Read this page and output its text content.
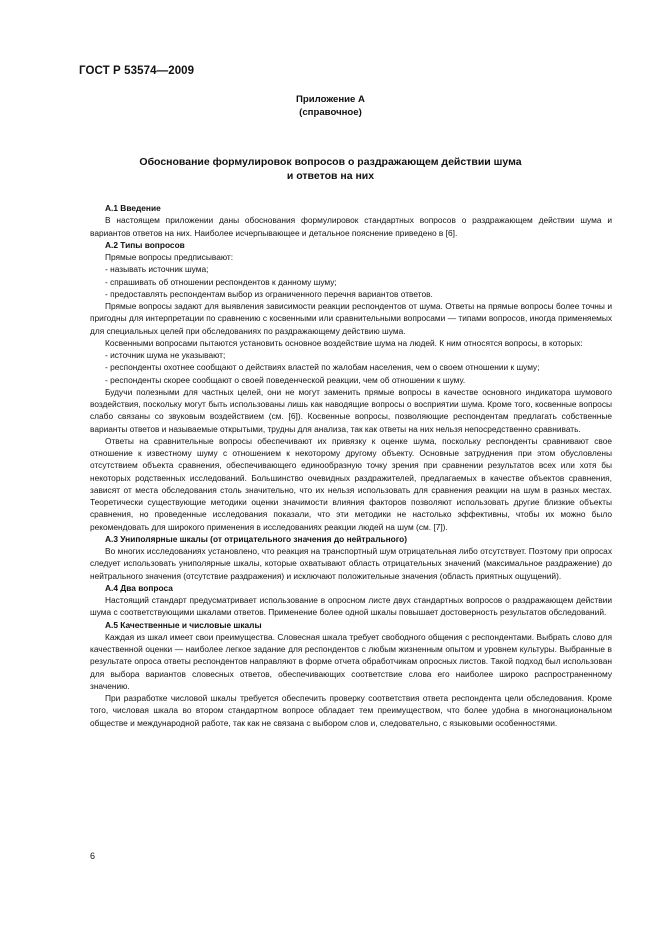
ГОСТ Р 53574—2009
Приложение А
(справочное)
Обоснование формулировок вопросов о раздражающем действии шума
и ответов на них

А.1 Введение

В настоящем приложении даны обоснования формулировок стандартных вопросов о раздражающем действии шума и вариантов ответов на них. Наиболее исчерпывающее и детальное пояснение приведено в [6].

А.2 Типы вопросов

Прямые вопросы предписывают:

- называть источник шума;

- спрашивать об отношении респондентов к данному шуму;

- предоставлять респондентам выбор из ограниченного перечня вариантов ответов.

Прямые вопросы задают для выявления зависимости реакции респондентов от шума. Ответы на прямые вопросы более точны и пригодны для интерпретации по сравнению с косвенными или сравнительными вопросами — типами вопросов, иногда применяемых для специальных целей при обследованиях по раздражающему действию шума.

Косвенными вопросами пытаются установить основное воздействие шума на людей. К ним относятся вопросы, в которых:

- источник шума не указывают;

- респонденты охотнее сообщают о действиях властей по жалобам населения, чем о своем отношении к шуму;

- респонденты скорее сообщают о своей поведенческой реакции, чем об отношении к шуму.

Будучи полезными для частных целей, они не могут заменить прямые вопросы в качестве основного индикатора шумового воздействия, поскольку могут быть использованы лишь как наводящие вопросы о восприятии шума. Кроме того, косвенные вопросы слабо связаны со звуковым воздействием (см. [6]). Косвенные вопросы, позволяющие респондентам предлагать собственные варианты ответов и называемые открытыми, трудны для анализа, так как ответы на них нельзя непосредственно сравнивать.

Ответы на сравнительные вопросы обеспечивают их привязку к оценке шума, поскольку респонденты сравнивают свое отношение к известному шуму с отношением к некоторому другому объекту. Основные затруднения при этом обусловлены отсутствием объекта сравнения, обеспечивающего единообразную точку зрения при сравнении результатов всех или хотя бы некоторых родственных исследований. Большинство очевидных раздражителей, предлагаемых в качестве объектов сравнения, зависят от места обследования столь значительно, что их нельзя использовать для сравнения реакции на шум в разных местах. Теоретически существующие методики оценки значимости влияния факторов позволяют использовать другие близкие объекты сравнения, но проведенные исследования показали, что эти методики не настолько эффективны, чтобы их можно было рекомендовать для широкого применения в исследованиях реакции людей на шум (см. [7]).

А.3 Униполярные шкалы (от отрицательного значения до нейтрального)

Во многих исследованиях установлено, что реакция на транспортный шум отрицательная либо отсутствует. Поэтому при опросах следует использовать униполярные шкалы, которые охватывают область отрицательных значений (максимальное раздражение) до нейтрального значения (отсутствие раздражения) и исключают положительные значения (область приятных ощущений).

А.4 Два вопроса

Настоящий стандарт предусматривает использование в опросном листе двух стандартных вопросов о раздражающем действии шума с соответствующими шкалами ответов. Применение более одной шкалы повышает достоверность результатов обследований.

А.5 Качественные и числовые шкалы

Каждая из шкал имеет свои преимущества. Словесная шкала требует свободного общения с респондентами. Выбрать слово для качественной оценки — наиболее легкое задание для респондентов с любым жизненным опытом и уровнем культуры. Выбранные в результате опроса ответы респондентов направляют в форме отчета обработчикам опросных листов. Такой подход был использован для выбора вариантов словесных ответов, обеспечивающих соответствие слова его наиболее широко распространенному значению.

При разработке числовой шкалы требуется обеспечить проверку соответствия ответа респондента цели обследования. Кроме того, числовая шкала во втором стандартном вопросе обладает тем преимуществом, что более удобна в многонациональном обществе и международной работе, так как не связана с выбором слов и, следовательно, с языковыми особенностями.

6
